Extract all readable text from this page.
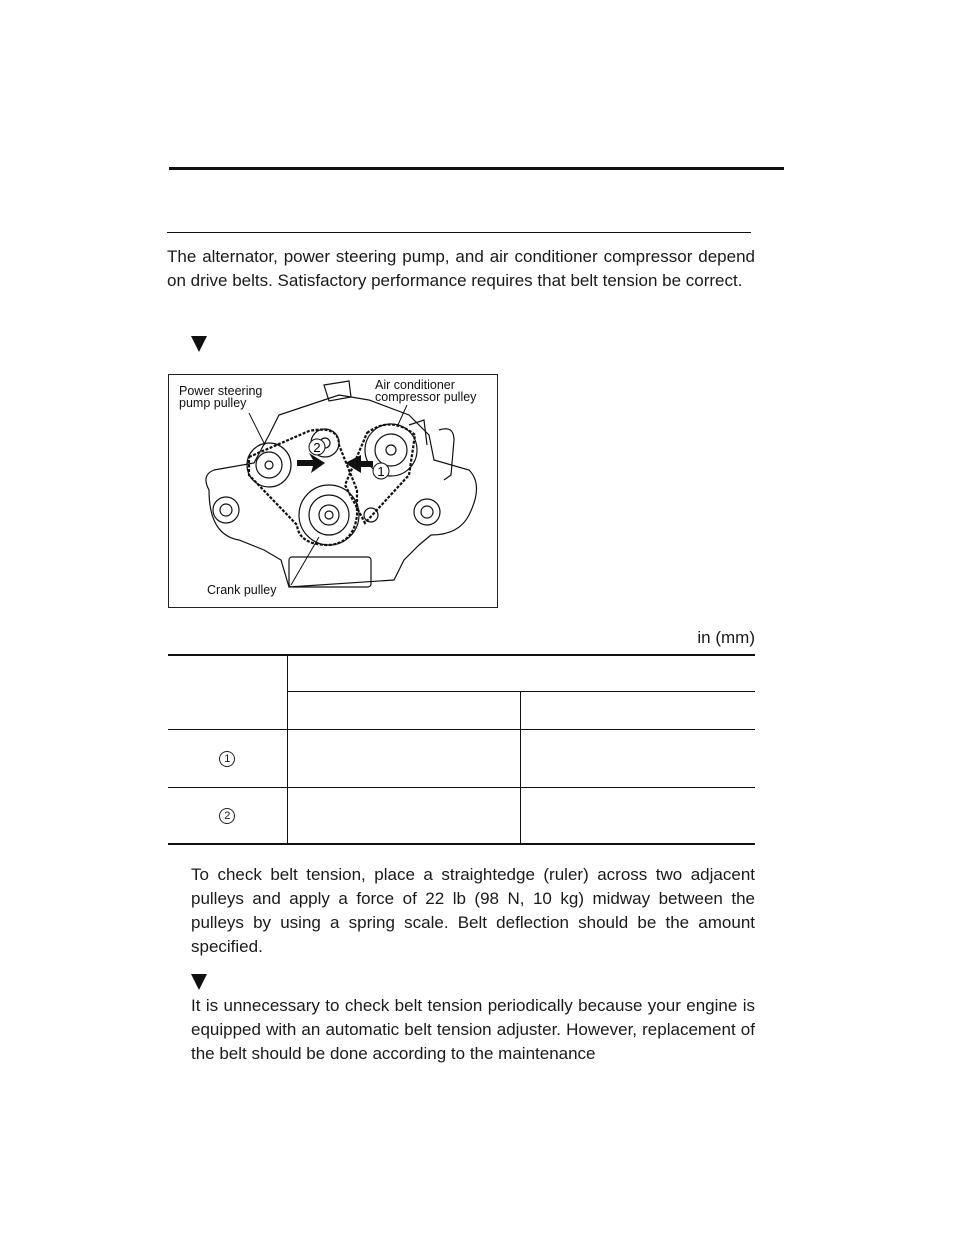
The alternator, power steering pump, and air conditioner compressor depend on drive belts. Satisfactory performance requires that belt tension be correct.

2
1
Power steering
pump pulley
Air conditioner
compressor pulley
Crank pulley
in (mm)

1		
2		

To check belt tension, place a straightedge (ruler) across two adjacent pulleys and apply a force of 22 lb (98 N, 10 kg) midway between the pulleys by using a spring scale. Belt deflection should be the amount specified.

It is unnecessary to check belt tension periodically because your engine is equipped with an automatic belt tension adjuster. However, replacement of the belt should be done according to the maintenance
